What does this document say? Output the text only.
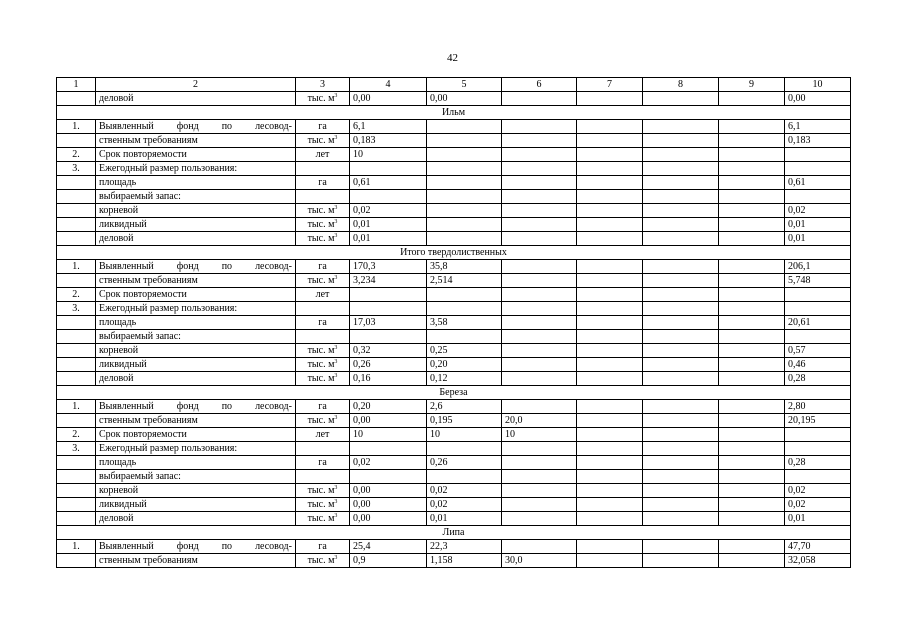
42
1	2	3	4	5	6	7	8	9	10
	деловой	тыс. $м^3$	0,00	0,00					0,00
Ильм									
1.	Выявленный фонд по лесовод-	га	6,1						6,1
	ственным требованиям	тыс. $м^3$	0,183						0,183
2.	Срок повторяемости	лет	10						
3.	Ежегодный размер пользования:								
	площадь	га	0,61						0,61
	выбираемый запас:								
	корневой	тыс. $м^3$	0,02						0,02
	ликвидный	тыс. $м^3$	0,01						0,01
	деловой	тыс. $м^3$	0,01						0,01
Итого твердолиственных									
1.	Выявленный фонд по лесовод-	га	170,3	35,8					206,1
	ственным требованиям	тыс. $м^3$	3,234	2,514					5,748
2.	Срок повторяемости	лет							
3.	Ежегодный размер пользования:								
	площадь	га	17,03	3,58					20,61
	выбираемый запас:								
	корневой	тыс. $м^3$	0,32	0,25					0,57
	ликвидный	тыс. $м^3$	0,26	0,20					0,46
	деловой	тыс. $м^3$	0,16	0,12					0,28
Береза									
1.	Выявленный фонд по лесовод-	га	0,20	2,6					2,80
	ственным требованиям	тыс. $м^3$	0,00	0,195	20,0				20,195
2.	Срок повторяемости	лет	10	10	10				
3.	Ежегодный размер пользования:								
	площадь	га	0,02	0,26					0,28
	выбираемый запас:								
	корневой	тыс. $м^3$	0,00	0,02					0,02
	ликвидный	тыс. $м^3$	0,00	0,02					0,02
	деловой	тыс. $м^3$	0,00	0,01					0,01
Липа									
1.	Выявленный фонд по лесовод-	га	25,4	22,3					47,70
	ственным требованиям	тыс. $м^3$	0,9	1,158	30,0				32,058
